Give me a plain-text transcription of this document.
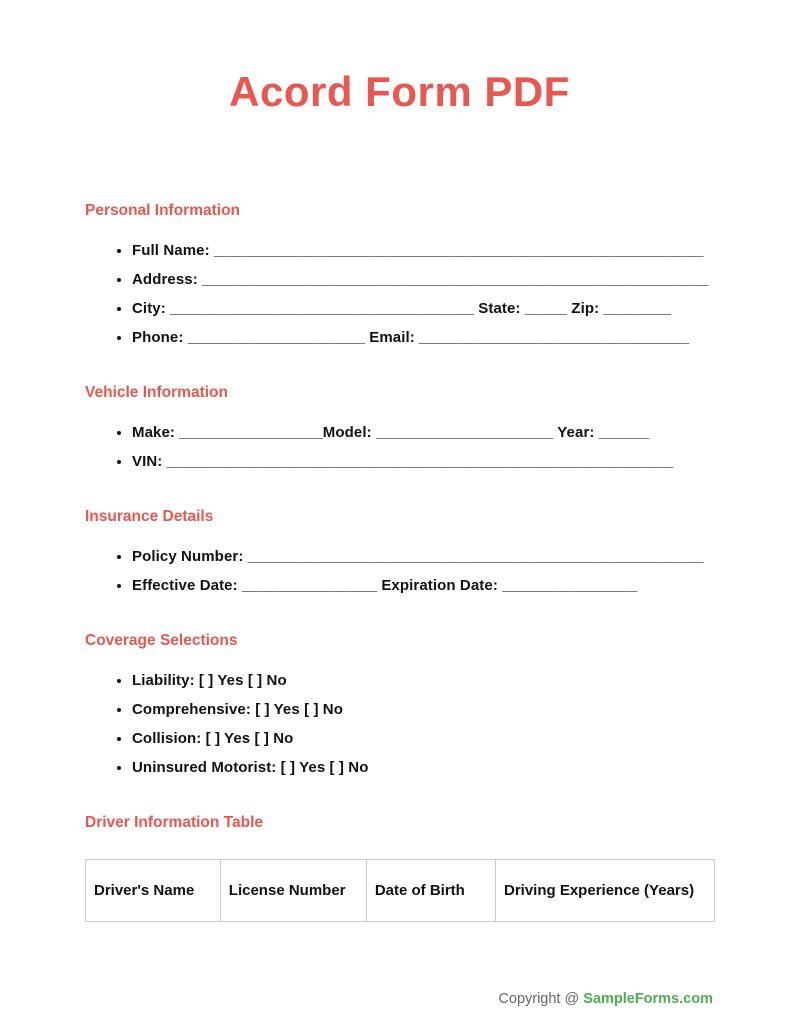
Acord Form PDF
Personal Information
• Full Name: __________________________________________________________
• Address: ____________________________________________________________
• City: ____________________________________ State: _____ Zip: ________
• Phone: _____________________ Email: ________________________________
Vehicle Information
• Make: _________________Model: _____________________ Year: ______
• VIN: ____________________________________________________________
Insurance Details
• Policy Number: ______________________________________________________
• Effective Date: ________________ Expiration Date: ________________
Coverage Selections
• Liability: [ ] Yes [ ] No
• Comprehensive: [ ] Yes [ ] No
• Collision: [ ] Yes [ ] No
• Uninsured Motorist: [ ] Yes [ ] No
Driver Information Table
Driver's Name	License Number	Date of Birth	Driving Experience (Years)
Copyright @ SampleForms.com
